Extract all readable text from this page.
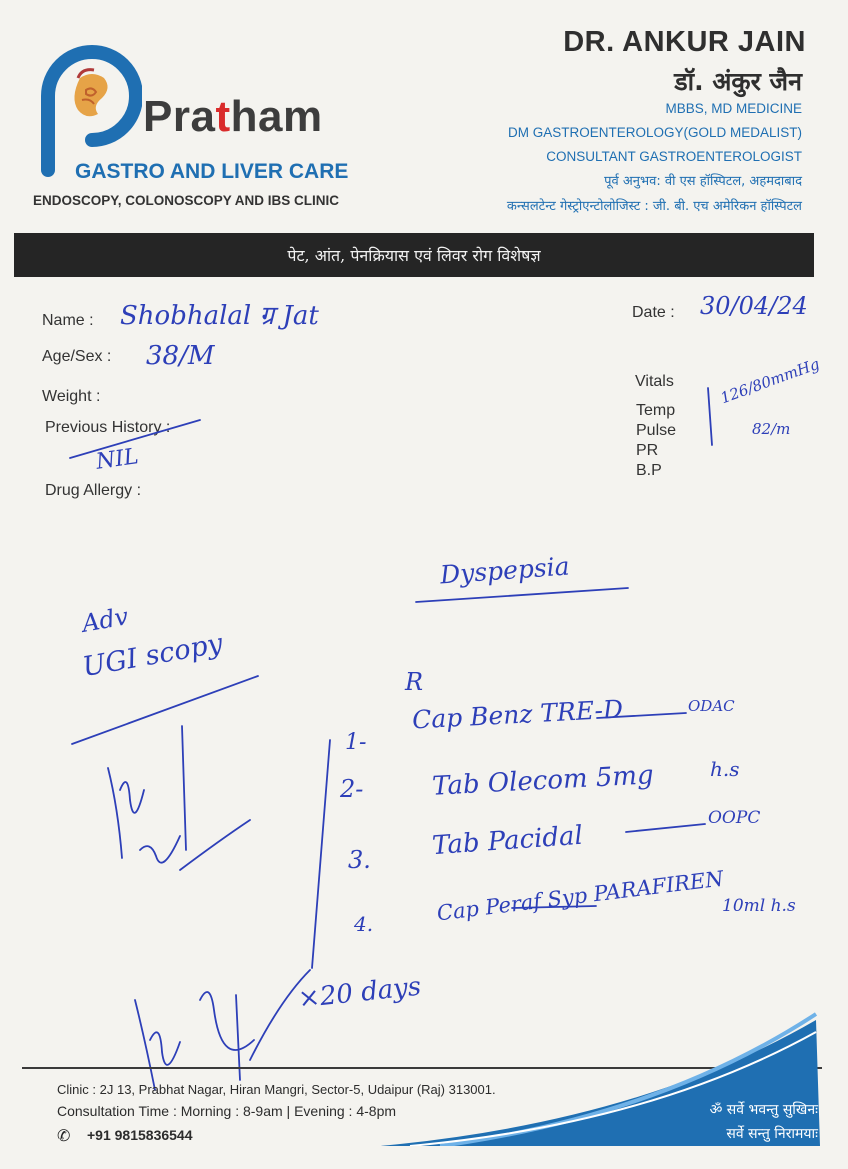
Pratham
GASTRO AND LIVER CARE
ENDOSCOPY, COLONOSCOPY AND IBS CLINIC
DR. ANKUR JAIN
डॉ. अंकुर जैन
MBBS, MD MEDICINE
DM GASTROENTEROLOGY(GOLD MEDALIST)
CONSULTANT GASTROENTEROLOGIST
पूर्व अनुभव: वी एस हॉस्पिटल, अहमदाबाद
कन्सलटेन्ट गेस्ट्रोएन्टोलोजिस्ट : जी. बी. एच अमेरिकन हॉस्पिटल
पेट, आंत, पेनक्रियास एवं लिवर रोग विशेषज्ञ
Name : Shobhalal ग्र Jat	Date : 30/04/24
Age/Sex : 38/M
Weight :
Previous History :
NIL
Drug Allergy :
Vitals
Temp
Pulse
PR
B.P
126/80mmHg
82/m
Dyspepsia
Adv
UGI scopy	R
1-
Cap Benz TRE-D	ODAC
2-	Tab Olecom 5mg	h.s
3. Tab Pacidal
OOPC
4.	Cap Peraf Syp PARAFIREN
10ml h.s
×20 days
Clinic : 2J 13, Prabhat Nagar, Hiran Mangri, Sector-5, Udaipur (Raj) 313001.
Consultation Time : Morning : 8-9am | Evening : 4-8pm
✆ +91 9815836544
ॐ सर्वे भवन्तु सुखिनः
सर्वे सन्तु निरामयाः
